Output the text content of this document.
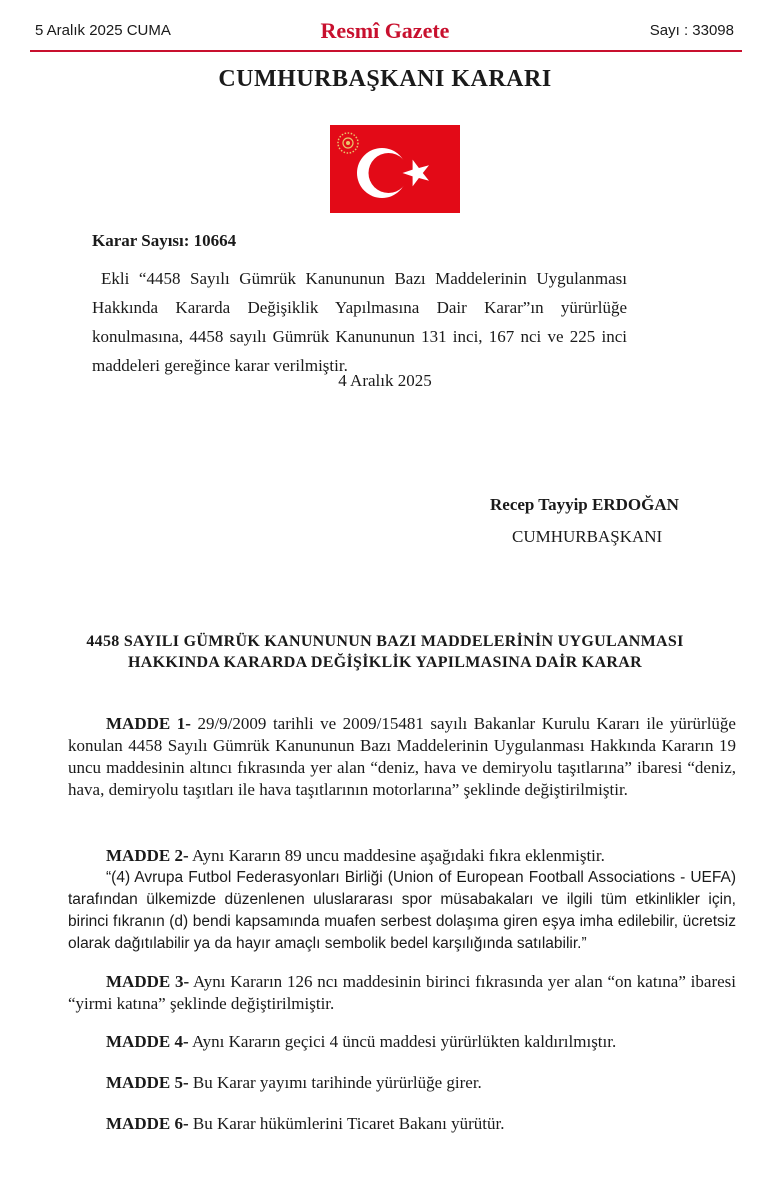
5 Aralık 2025 CUMA	Resmî Gazete	Sayı : 33098
CUMHURBAŞKANI KARARI
Karar Sayısı: 10664
Ekli “4458 Sayılı Gümrük Kanununun Bazı Maddelerinin Uygulanması Hakkında Kararda Değişiklik Yapılmasına Dair Karar”ın yürürlüğe konulmasına, 4458 sayılı Gümrük Kanununun 131 inci, 167 nci ve 225 inci maddeleri gereğince karar verilmiştir.
4 Aralık 2025
Recep Tayyip ERDOĞAN
CUMHURBAŞKANI
4458 SAYILI GÜMRÜK KANUNUNUN BAZI MADDELERİNİN UYGULANMASI HAKKINDA KARARDA DEĞİŞİKLİK YAPILMASINA DAİR KARAR
MADDE 1- 29/9/2009 tarihli ve 2009/15481 sayılı Bakanlar Kurulu Kararı ile yürürlüğe konulan 4458 Sayılı Gümrük Kanununun Bazı Maddelerinin Uygulanması Hakkında Kararın 19 uncu maddesinin altıncı fıkrasında yer alan “deniz, hava ve demiryolu taşıtlarına” ibaresi “deniz, hava, demiryolu taşıtları ile hava taşıtlarının motorlarına” şeklinde değiştirilmiştir.
MADDE 2- Aynı Kararın 89 uncu maddesine aşağıdaki fıkra eklenmiştir.
“(4) Avrupa Futbol Federasyonları Birliği (Union of European Football Associations - UEFA) tarafından ülkemizde düzenlenen uluslararası spor müsabakaları ve ilgili tüm etkinlikler için, birinci fıkranın (d) bendi kapsamında muafen serbest dolaşıma giren eşya imha edilebilir, ücretsiz olarak dağıtılabilir ya da hayır amaçlı sembolik bedel karşılığında satılabilir.”
MADDE 3- Aynı Kararın 126 ncı maddesinin birinci fıkrasında yer alan “on katına” ibaresi “yirmi katına” şeklinde değiştirilmiştir.
MADDE 4- Aynı Kararın geçici 4 üncü maddesi yürürlükten kaldırılmıştır.
MADDE 5- Bu Karar yayımı tarihinde yürürlüğe girer.
MADDE 6- Bu Karar hükümlerini Ticaret Bakanı yürütür.
